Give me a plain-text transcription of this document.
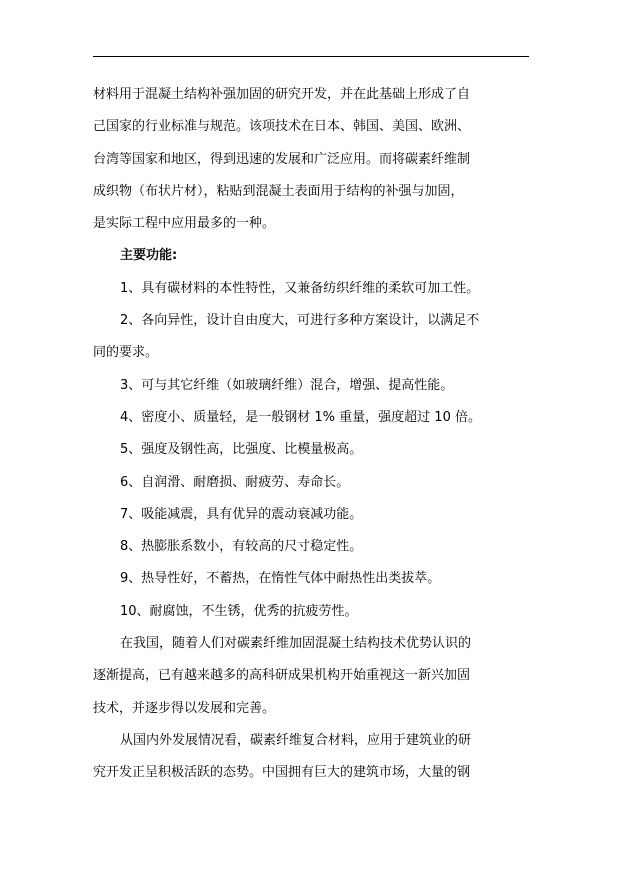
材料用于混凝土结构补强加固的研究开发，并在此基础上形成了自

己国家的行业标准与规范。该项技术在日本、韩国、美国、欧洲、

台湾等国家和地区，得到迅速的发展和广泛应用。而将碳素纤维制

成织物（布状片材），粘贴到混凝土表面用于结构的补强与加固，

是实际工程中应用最多的一种。

主要功能:

1、具有碳材料的本性特性，又兼备纺织纤维的柔软可加工性。

2、各向异性，设计自由度大，可进行多种方案设计，以满足不

同的要求。

3、可与其它纤维（如玻璃纤维）混合，增强、提高性能。

4、密度小、质量轻，是一般钢材 1% 重量，强度超过 10 倍。

5、强度及钢性高，比强度、比模量极高。

6、自润滑、耐磨损、耐疲劳、寿命长。

7、吸能减震，具有优异的震动衰减功能。

8、热膨胀系数小，有较高的尺寸稳定性。

9、热导性好，不蓄热，在惰性气体中耐热性出类拔萃。

10、耐腐蚀，不生锈，优秀的抗疲劳性。

在我国，随着人们对碳素纤维加固混凝土结构技术优势认识的

逐渐提高，已有越来越多的高科研成果机构开始重视这一新兴加固

技术，并逐步得以发展和完善。

从国内外发展情况看，碳素纤维复合材料，应用于建筑业的研

究开发正呈积极活跃的态势。中国拥有巨大的建筑市场，大量的钢
